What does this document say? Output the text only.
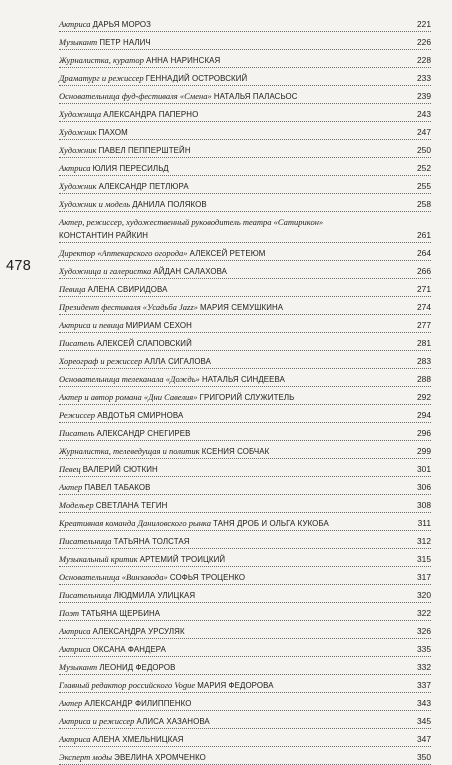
478
Актриса ДАРЬЯ МОРОЗ	221
Музыкант ПЕТР НАЛИЧ	226
Журналистка, куратор АННА НАРИНСКАЯ	228
Драматург и режиссер ГЕННАДИЙ ОСТРОВСКИЙ	233
Основательница фуд-фестиваля «Смена» НАТАЛЬЯ ПАЛАСЬОС	239
Художница АЛЕКСАНДРА ПАПЕРНО	243
Художник ПАХОМ	247
Художник ПАВЕЛ ПЕППЕРШТЕЙН	250
Актриса ЮЛИЯ ПЕРЕСИЛЬД	252
Художник АЛЕКСАНДР ПЕТЛЮРА	255
Художник и модель ДАНИЛА ПОЛЯКОВ	258
Актер, режиссер, художественный руководитель театра «Сатирикон»
КОНСТАНТИН РАЙКИН	261
Директор «Аптекарского огорода» АЛЕКСЕЙ РЕТЕЮМ	264
Художница и галеристка АЙДАН САЛАХОВА	266
Певица АЛЕНА СВИРИДОВА	271
Президент фестиваля «Усадьба Jazz» МАРИЯ СЕМУШКИНА	274
Актриса и певица МИРИАМ СЕХОН	277
Писатель АЛЕКСЕЙ СЛАПОВСКИЙ	281
Хореограф и режиссер АЛЛА СИГАЛОВА	283
Основательница телеканала «Дождь» НАТАЛЬЯ СИНДЕЕВА	288
Актер и автор романа «Дни Савелия» ГРИГОРИЙ СЛУЖИТЕЛЬ	292
Режиссер АВДОТЬЯ СМИРНОВА	294
Писатель АЛЕКСАНДР СНЕГИРЕВ	296
Журналистка, телеведущая и политик КСЕНИЯ СОБЧАК	299
Певец ВАЛЕРИЙ СЮТКИН	301
Актер ПАВЕЛ ТАБАКОВ	306
Модельер СВЕТЛАНА ТЕГИН	308
Креативная команда Даниловского рынка ТАНЯ ДРОБ И ОЛЬГА КУКОБА	311
Писательница ТАТЬЯНА ТОЛСТАЯ	312
Музыкальный критик АРТЕМИЙ ТРОИЦКИЙ	315
Основательница «Винзавода» СОФЬЯ ТРОЦЕНКО	317
Писательница ЛЮДМИЛА УЛИЦКАЯ	320
Поэт ТАТЬЯНА ЩЕРБИНА	322
Актриса АЛЕКСАНДРА УРСУЛЯК	326
Актриса ОКСАНА ФАНДЕРА	335
Музыкант ЛЕОНИД ФЕДОРОВ	332
Главный редактор российского Vogue МАРИЯ ФЕДОРОВА	337
Актер АЛЕКСАНДР ФИЛИППЕНКО	343
Актриса и режиссер АЛИСА ХАЗАНОВА	345
Актриса АЛЕНА ХМЕЛЬНИЦКАЯ	347
Эксперт моды ЭВЕЛИНА ХРОМЧЕНКО	350
